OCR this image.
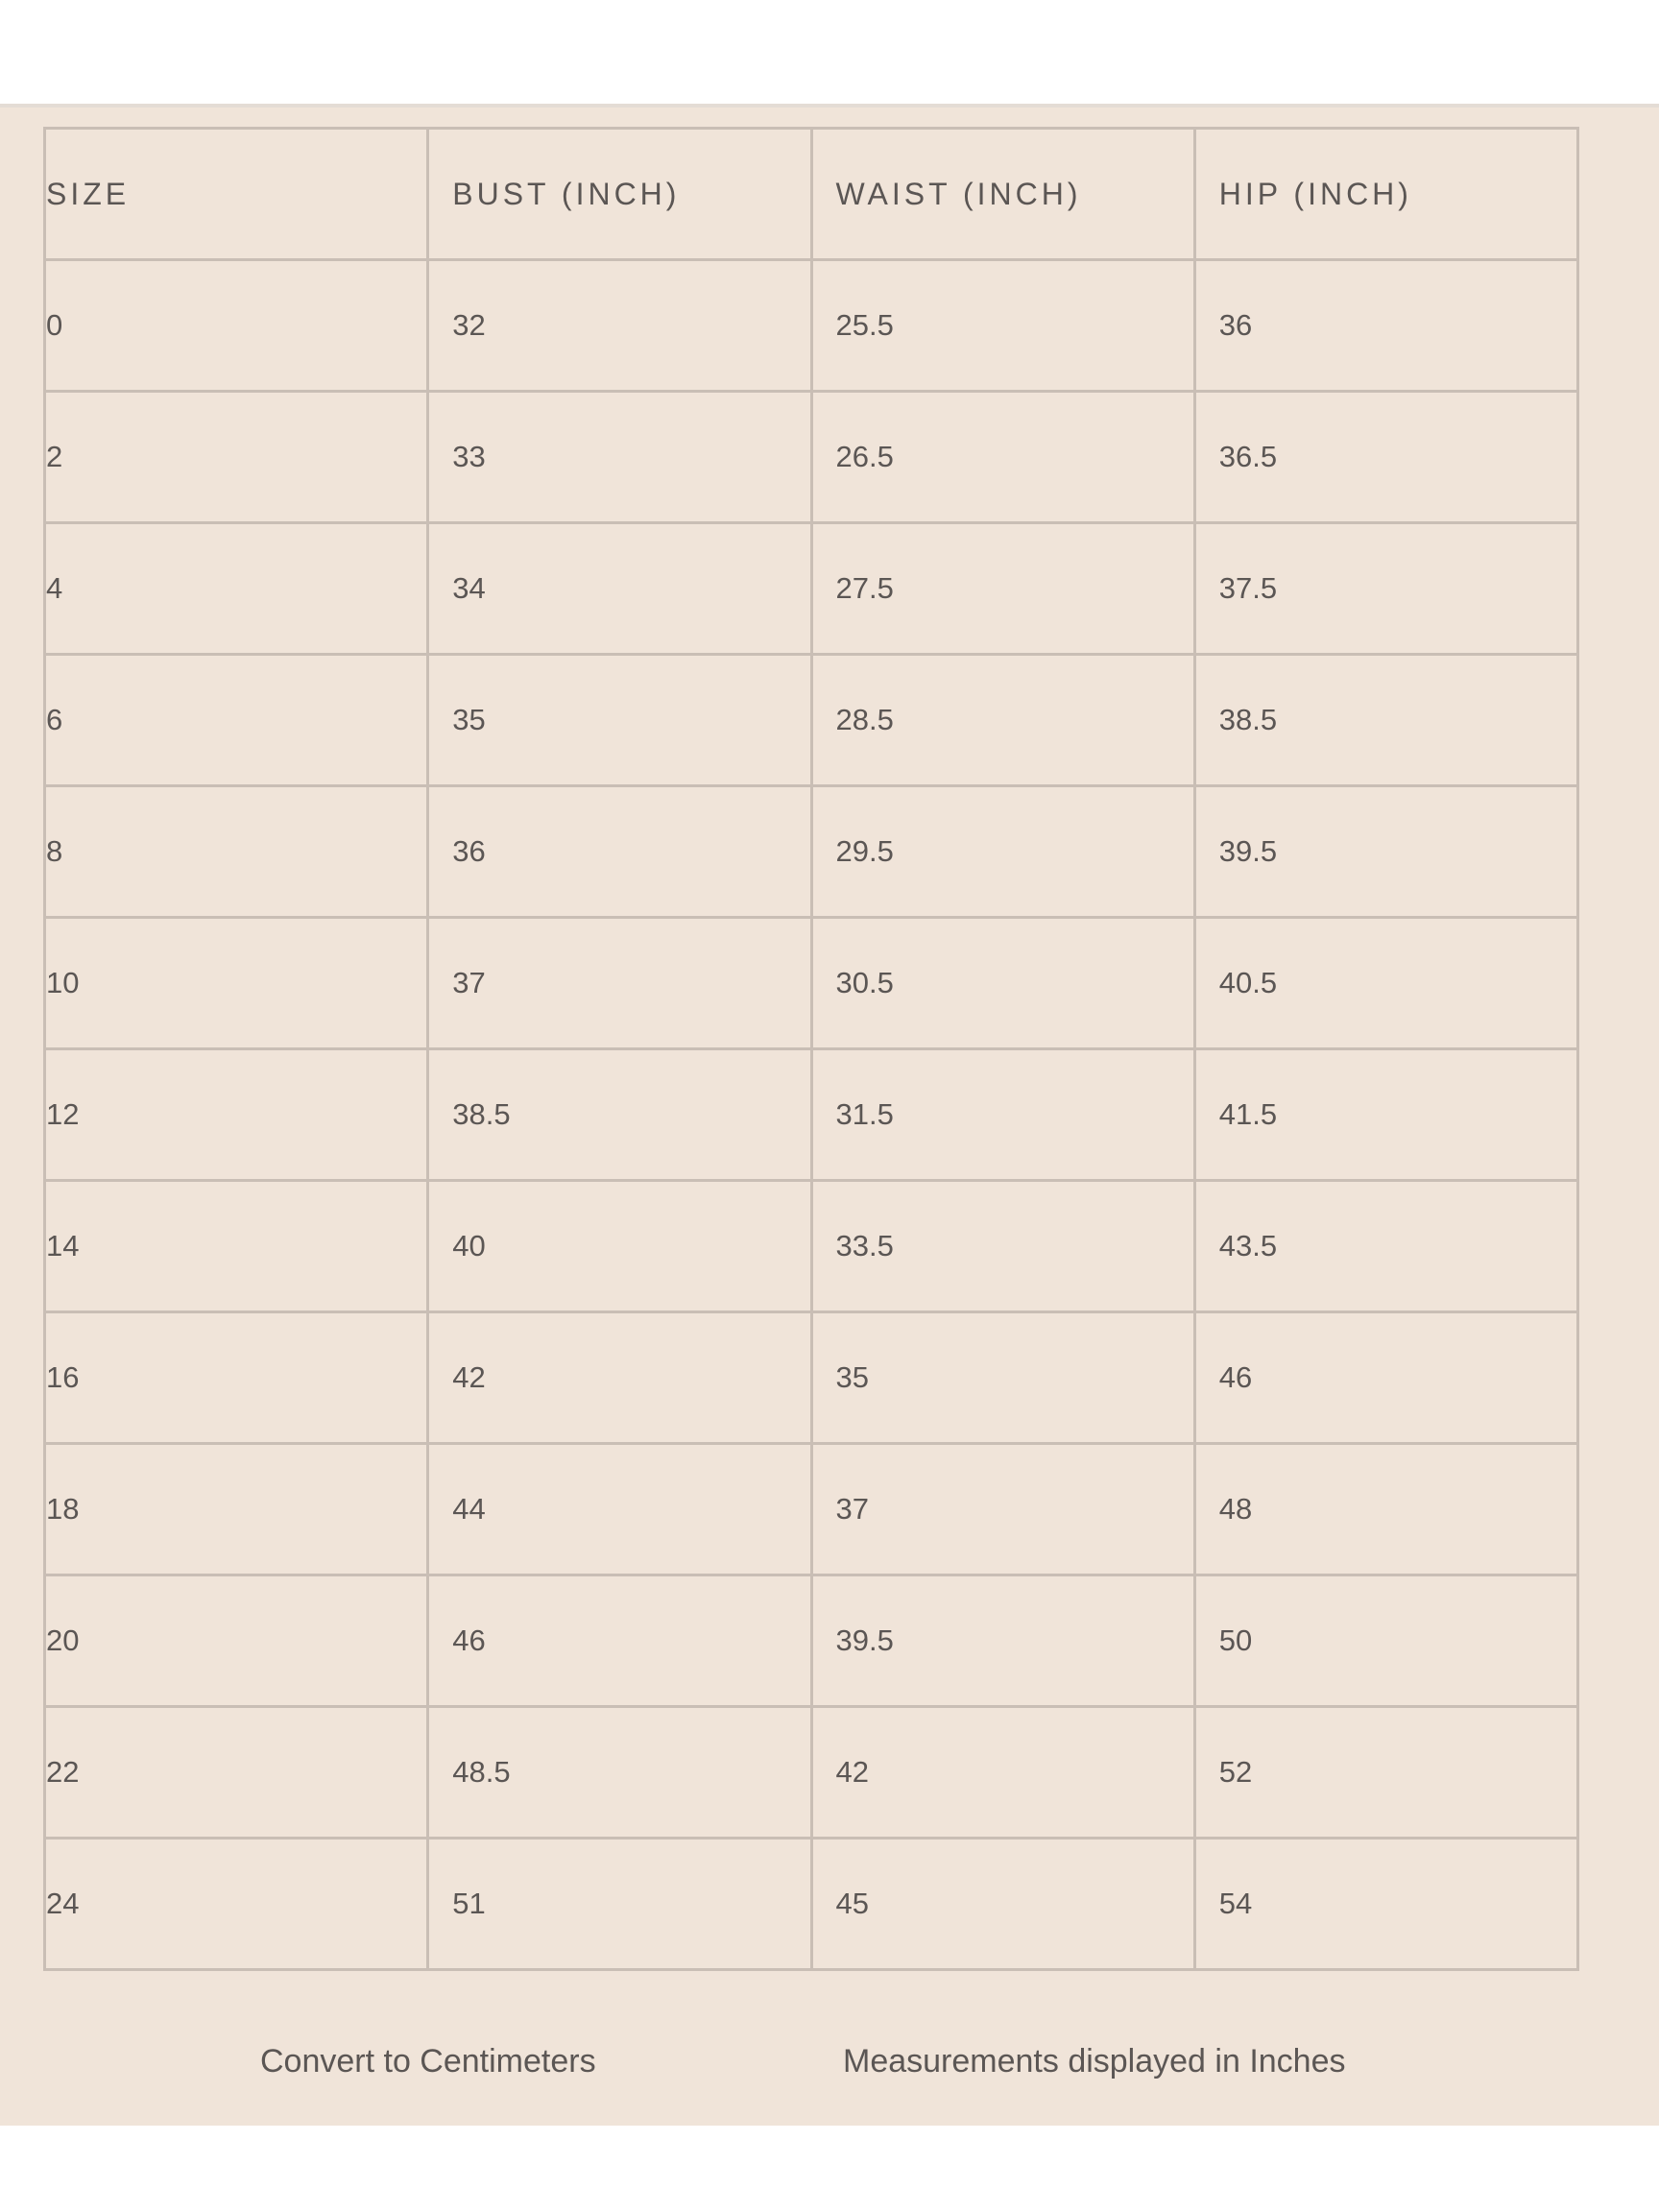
SIZE	BUST (INCH)	WAIST (INCH)	HIP (INCH)
0	32	25.5	36
2	33	26.5	36.5
4	34	27.5	37.5
6	35	28.5	38.5
8	36	29.5	39.5
10	37	30.5	40.5
12	38.5	31.5	41.5
14	40	33.5	43.5
16	42	35	46
18	44	37	48
20	46	39.5	50
22	48.5	42	52
24	51	45	54
Convert to Centimeters	Measurements displayed in Inches
